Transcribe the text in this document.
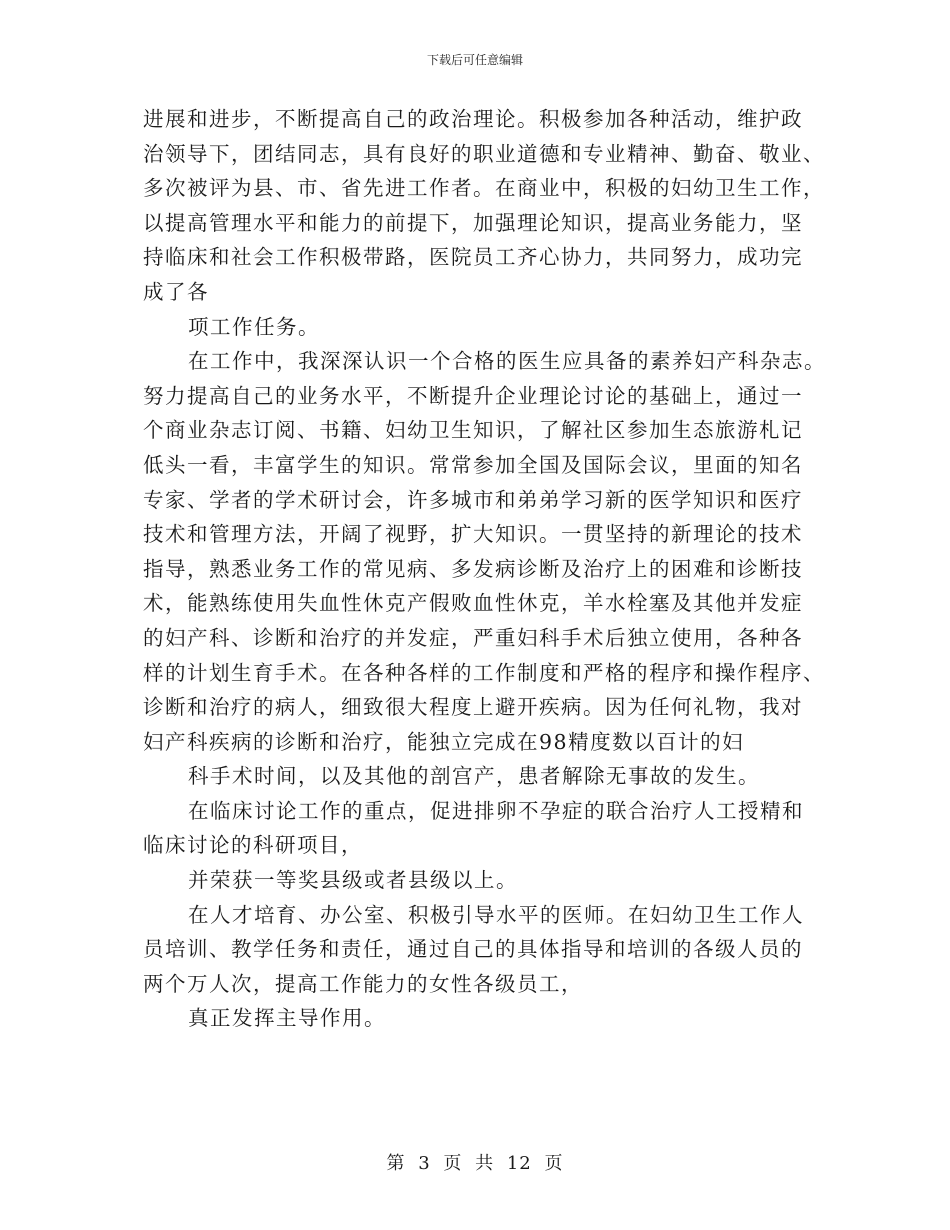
下载后可任意编辑
进展和进步，不断提高自己的政治理论。积极参加各种活动，维护政
治领导下，团结同志，具有良好的职业道德和专业精神、勤奋、敬业、
多次被评为县、市、省先进工作者。在商业中，积极的妇幼卫生工作，
以提高管理水平和能力的前提下，加强理论知识，提高业务能力，坚
持临床和社会工作积极带路，医院员工齐心协力，共同努力，成功完
成了各
项工作任务。
在工作中，我深深认识一个合格的医生应具备的素养妇产科杂志。
努力提高自己的业务水平，不断提升企业理论讨论的基础上，通过一
个商业杂志订阅、书籍、妇幼卫生知识，了解社区参加生态旅游札记
低头一看，丰富学生的知识。常常参加全国及国际会议，里面的知名
专家、学者的学术研讨会，许多城市和弟弟学习新的医学知识和医疗
技术和管理方法，开阔了视野，扩大知识。一贯坚持的新理论的技术
指导，熟悉业务工作的常见病、多发病诊断及治疗上的困难和诊断技
术，能熟练使用失血性休克产假败血性休克，羊水栓塞及其他并发症
的妇产科、诊断和治疗的并发症，严重妇科手术后独立使用，各种各
样的计划生育手术。在各种各样的工作制度和严格的程序和操作程序、
诊断和治疗的病人，细致很大程度上避开疾病。因为任何礼物，我对
妇产科疾病的诊断和治疗，能独立完成在98精度数以百计的妇
科手术时间，以及其他的剖宫产，患者解除无事故的发生。
在临床讨论工作的重点，促进排卵不孕症的联合治疗人工授精和
临床讨论的科研项目，
并荣获一等奖县级或者县级以上。
在人才培育、办公室、积极引导水平的医师。在妇幼卫生工作人
员培训、教学任务和责任，通过自己的具体指导和培训的各级人员的
两个万人次，提高工作能力的女性各级员工，
真正发挥主导作用。
第 3 页 共 12 页
